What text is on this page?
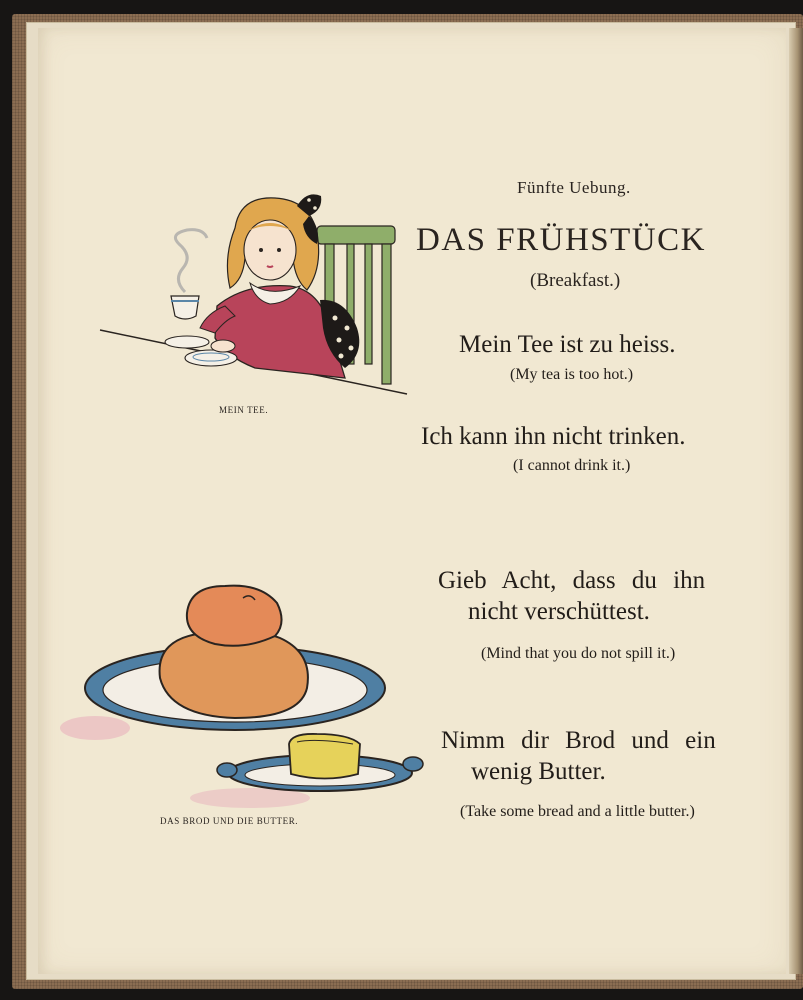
Fünfte Uebung.

DAS FRÜHSTÜCK

(Breakfast.)

Mein Tee ist zu heiss.

(My tea is too hot.)

Ich kann ihn nicht trinken.

(I cannot drink it.)

Gieb Acht, dass du ihn

nicht verschüttest.

(Mind that you do not spill it.)

Nimm dir Brod und ein

wenig Butter.

(Take some bread and a little butter.)

MEIN TEE.

DAS BROD UND DIE BUTTER.
